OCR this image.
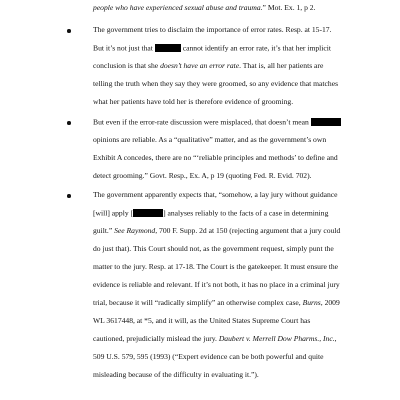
people who have experienced sexual abuse and trauma.” Mot. Ex. 1, p 2.
The government tries to disclaim the importance of error rates. Resp. at 15-17.
But it’s not just that	cannot identify an error rate, it’s that her implicit
conclusion is that she doesn’t have an error rate. That is, all her patients are
telling the truth when they say they were groomed, so any evidence that matches
what her patients have told her is therefore evidence of grooming.
But even if the error-rate discussion were misplaced, that doesn’t mean
opinions are reliable. As a “qualitative” matter, and as the government’s own
Exhibit A concedes, there are no “‘reliable principles and methods’ to define and
detect grooming.” Govt. Resp., Ex. A, p 19 (quoting Fed. R. Evid. 702).
The government apparently expects that, “somehow, a lay jury without guidance
[will] apply [	] analyses reliably to the facts of a case in determining
guilt.” See Raymond, 700 F. Supp. 2d at 150 (rejecting argument that a jury could
do just that). This Court should not, as the government request, simply punt the
matter to the jury. Resp. at 17-18. The Court is the gatekeeper. It must ensure the
evidence is reliable and relevant. If it’s not both, it has no place in a criminal jury
trial, because it will “radically simplify” an otherwise complex case, Burns, 2009
WL 3617448, at *5, and it will, as the United States Supreme Court has
cautioned, prejudicially mislead the jury. Daubert v. Merrell Dow Pharms., Inc.,
509 U.S. 579, 595 (1993) (“Expert evidence can be both powerful and quite
misleading because of the difficulty in evaluating it.”).
